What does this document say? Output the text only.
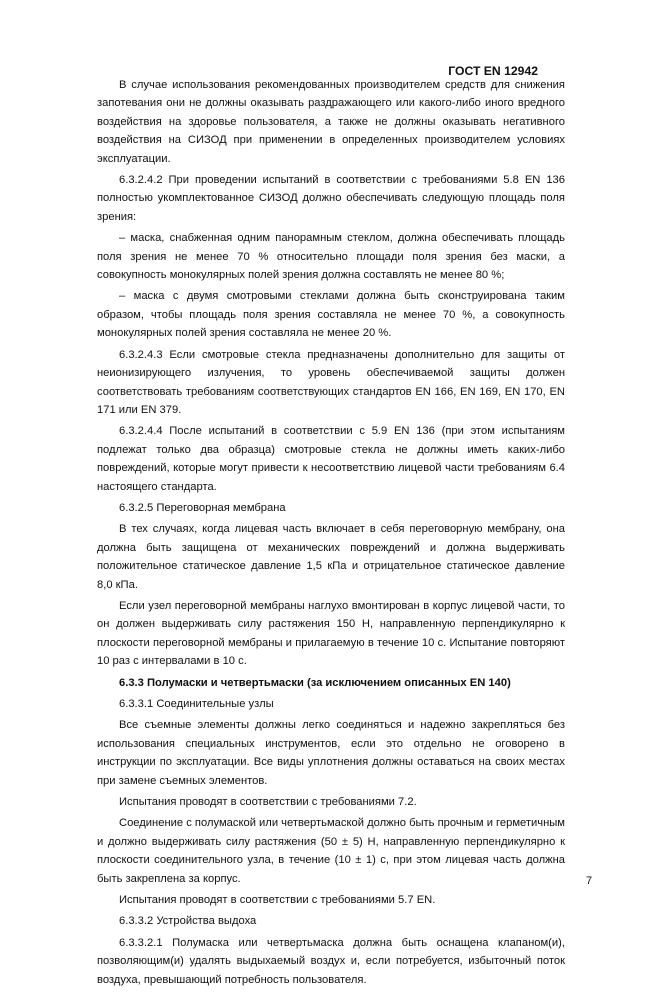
ГОСТ EN 12942

В случае использования рекомендованных производителем средств для снижения запотевания они не должны оказывать раздражающего или какого-либо иного вредного воздействия на здоровье пользователя, а также не должны оказывать негативного воздействия на СИЗОД при применении в определенных производителем условиях эксплуатации.

6.3.2.4.2 При проведении испытаний в соответствии с требованиями 5.8 EN 136 полностью укомплектованное СИЗОД должно обеспечивать следующую площадь поля зрения:

– маска, снабженная одним панорамным стеклом, должна обеспечивать площадь поля зрения не менее 70 % относительно площади поля зрения без маски, а совокупность монокулярных полей зрения должна составлять не менее 80 %;

– маска с двумя смотровыми стеклами должна быть сконструирована таким образом, чтобы площадь поля зрения составляла не менее 70 %, а совокупность монокулярных полей зрения составляла не менее 20 %.

6.3.2.4.3 Если смотровые стекла предназначены дополнительно для защиты от неионизирующего излучения, то уровень обеспечиваемой защиты должен соответствовать требованиям соответствующих стандартов EN 166, EN 169, EN 170, EN 171 или EN 379.

6.3.2.4.4 После испытаний в соответствии с 5.9 EN 136 (при этом испытаниям подлежат только два образца) смотровые стекла не должны иметь каких-либо повреждений, которые могут привести к несоответствию лицевой части требованиям 6.4 настоящего стандарта.

6.3.2.5 Переговорная мембрана

В тех случаях, когда лицевая часть включает в себя переговорную мембрану, она должна быть защищена от механических повреждений и должна выдерживать положительное статическое давление 1,5 кПа и отрицательное статическое давление 8,0 кПа.

Если узел переговорной мембраны наглухо вмонтирован в корпус лицевой части, то он должен выдерживать силу растяжения 150 Н, направленную перпендикулярно к плоскости переговорной мембраны и прилагаемую в течение 10 с. Испытание повторяют 10 раз с интервалами в 10 с.

6.3.3 Полумаски и четвертьмаски (за исключением описанных EN 140)

6.3.3.1 Соединительные узлы

Все съемные элементы должны легко соединяться и надежно закрепляться без использования специальных инструментов, если это отдельно не оговорено в инструкции по эксплуатации. Все виды уплотнения должны оставаться на своих местах при замене съемных элементов.

Испытания проводят в соответствии с требованиями 7.2.

Соединение с полумаской или четвертьмаской должно быть прочным и герметичным и должно выдерживать силу растяжения (50 ± 5) Н, направленную перпендикулярно к плоскости соединительного узла, в течение (10 ± 1) с, при этом лицевая часть должна быть закреплена за корпус.

Испытания проводят в соответствии с требованиями 5.7 EN.

6.3.3.2 Устройства выдоха

6.3.3.2.1 Полумаска или четвертьмаска должна быть оснащена клапаном(и), позволяющим(и) удалять выдыхаемый воздух и, если потребуется, избыточный поток воздуха, превышающий потребность пользователя.

7
